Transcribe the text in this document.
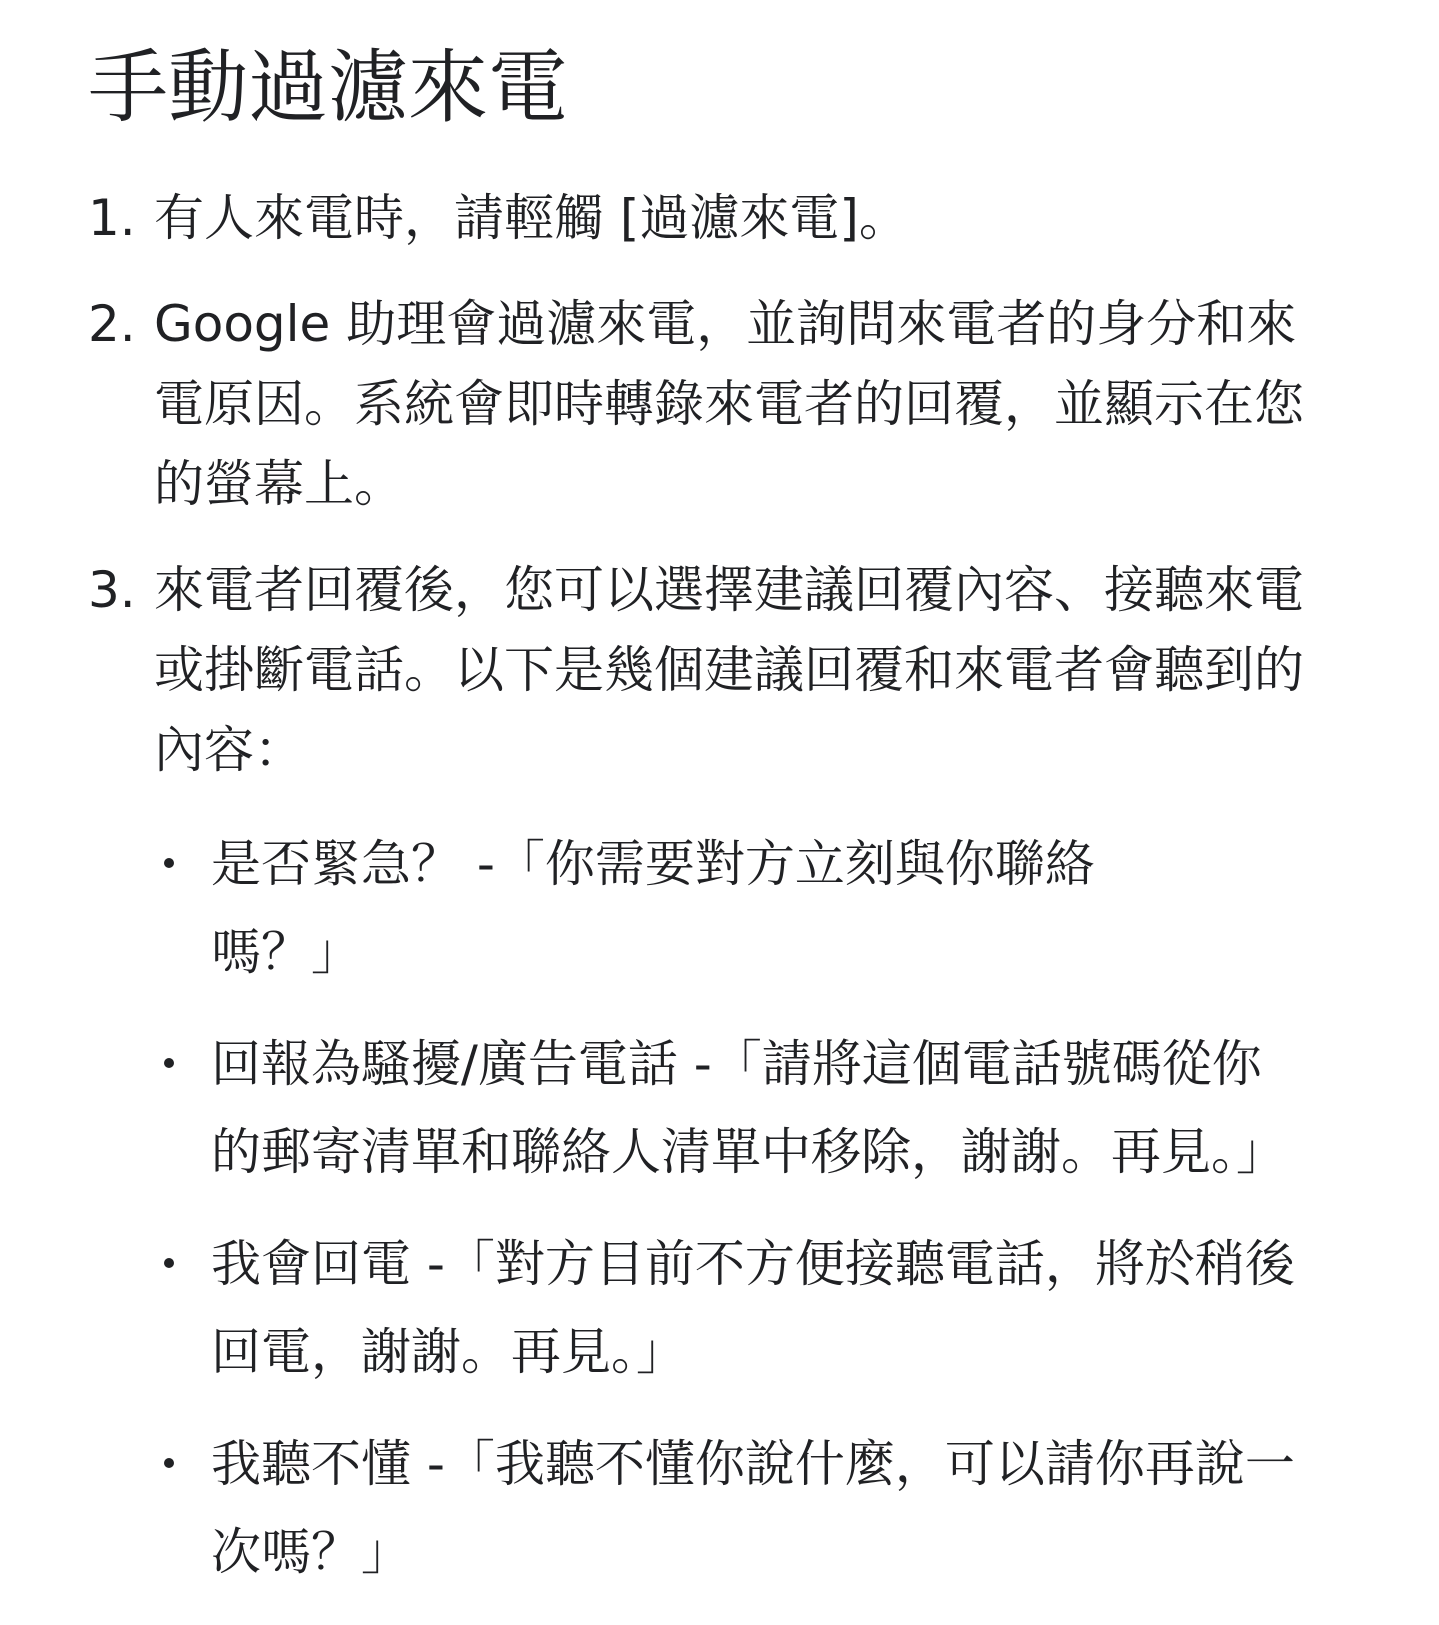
手動過濾來電
1. 有人來電時，請輕觸 [過濾來電]。
2. Google 助理會過濾來電，並詢問來電者的身分和來電原因。系統會即時轉錄來電者的回覆，並顯示在您的螢幕上。
3. 來電者回覆後，您可以選擇建議回覆內容、接聽來電或掛斷電話。以下是幾個建議回覆和來電者會聽到的內容：
是否緊急？ -「你需要對方立刻與你聯絡嗎？」
回報為騷擾/廣告電話 -「請將這個電話號碼從你的郵寄清單和聯絡人清單中移除，謝謝。再見。」
我會回電 -「對方目前不方便接聽電話，將於稍後回電，謝謝。再見。」
我聽不懂 -「我聽不懂你說什麼，可以請你再說一次嗎？」
